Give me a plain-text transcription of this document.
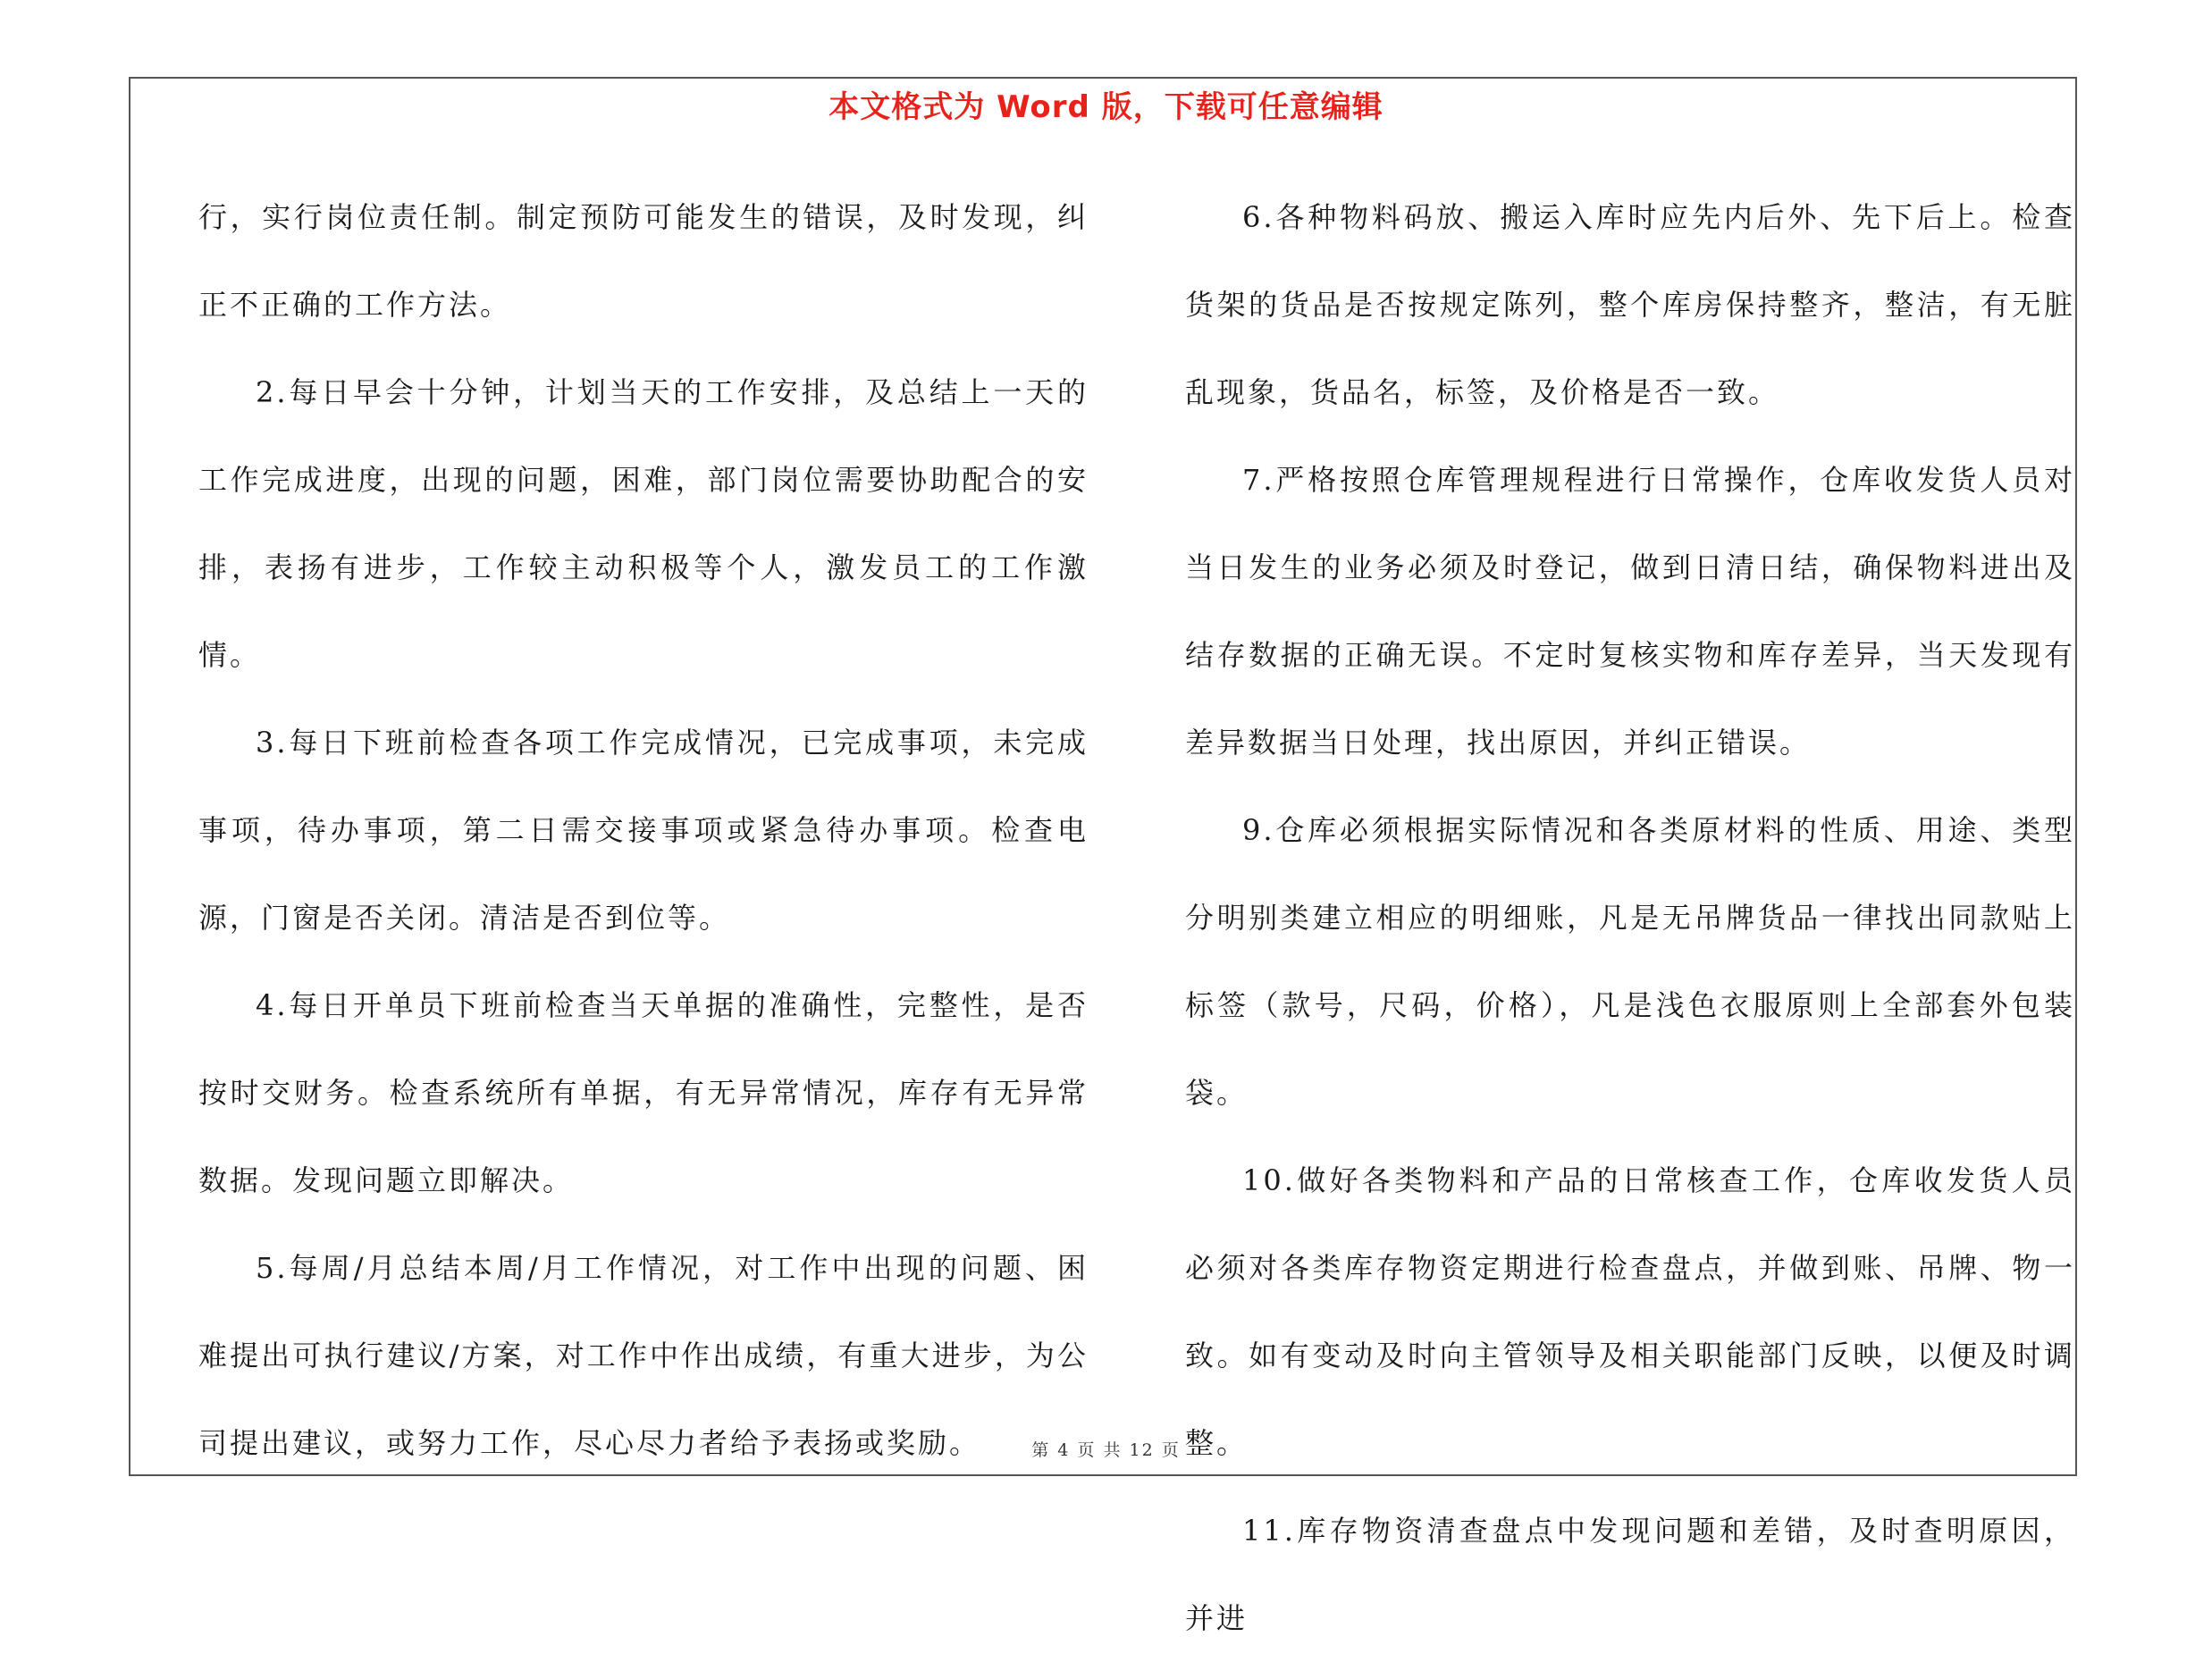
本文格式为 Word 版，下载可任意编辑

行，实行岗位责任制。制定预防可能发生的错误，及时发现，纠正不正确的工作方法。

2.每日早会十分钟，计划当天的工作安排，及总结上一天的工作完成进度，出现的问题，困难，部门岗位需要协助配合的安排，表扬有进步，工作较主动积极等个人，激发员工的工作激情。

3.每日下班前检查各项工作完成情况，已完成事项，未完成事项，待办事项，第二日需交接事项或紧急待办事项。检查电源，门窗是否关闭。清洁是否到位等。

4.每日开单员下班前检查当天单据的准确性，完整性，是否按时交财务。检查系统所有单据，有无异常情况，库存有无异常数据。发现问题立即解决。

5.每周/月总结本周/月工作情况，对工作中出现的问题、困难提出可执行建议/方案，对工作中作出成绩，有重大进步，为公司提出建议，或努力工作，尽心尽力者给予表扬或奖励。

6.各种物料码放、搬运入库时应先内后外、先下后上。检查货架的货品是否按规定陈列，整个库房保持整齐，整洁，有无脏乱现象，货品名，标签，及价格是否一致。

7.严格按照仓库管理规程进行日常操作，仓库收发货人员对当日发生的业务必须及时登记，做到日清日结，确保物料进出及结存数据的正确无误。不定时复核实物和库存差异，当天发现有差异数据当日处理，找出原因，并纠正错误。

9.仓库必须根据实际情况和各类原材料的性质、用途、类型分明别类建立相应的明细账，凡是无吊牌货品一律找出同款贴上标签（款号，尺码，价格），凡是浅色衣服原则上全部套外包装袋。

10.做好各类物料和产品的日常核查工作，仓库收发货人员必须对各类库存物资定期进行检查盘点，并做到账、吊牌、物一致。如有变动及时向主管领导及相关职能部门反映，以便及时调整。

11.库存物资清查盘点中发现问题和差错，及时查明原因，并进

第 4 页 共 12 页
